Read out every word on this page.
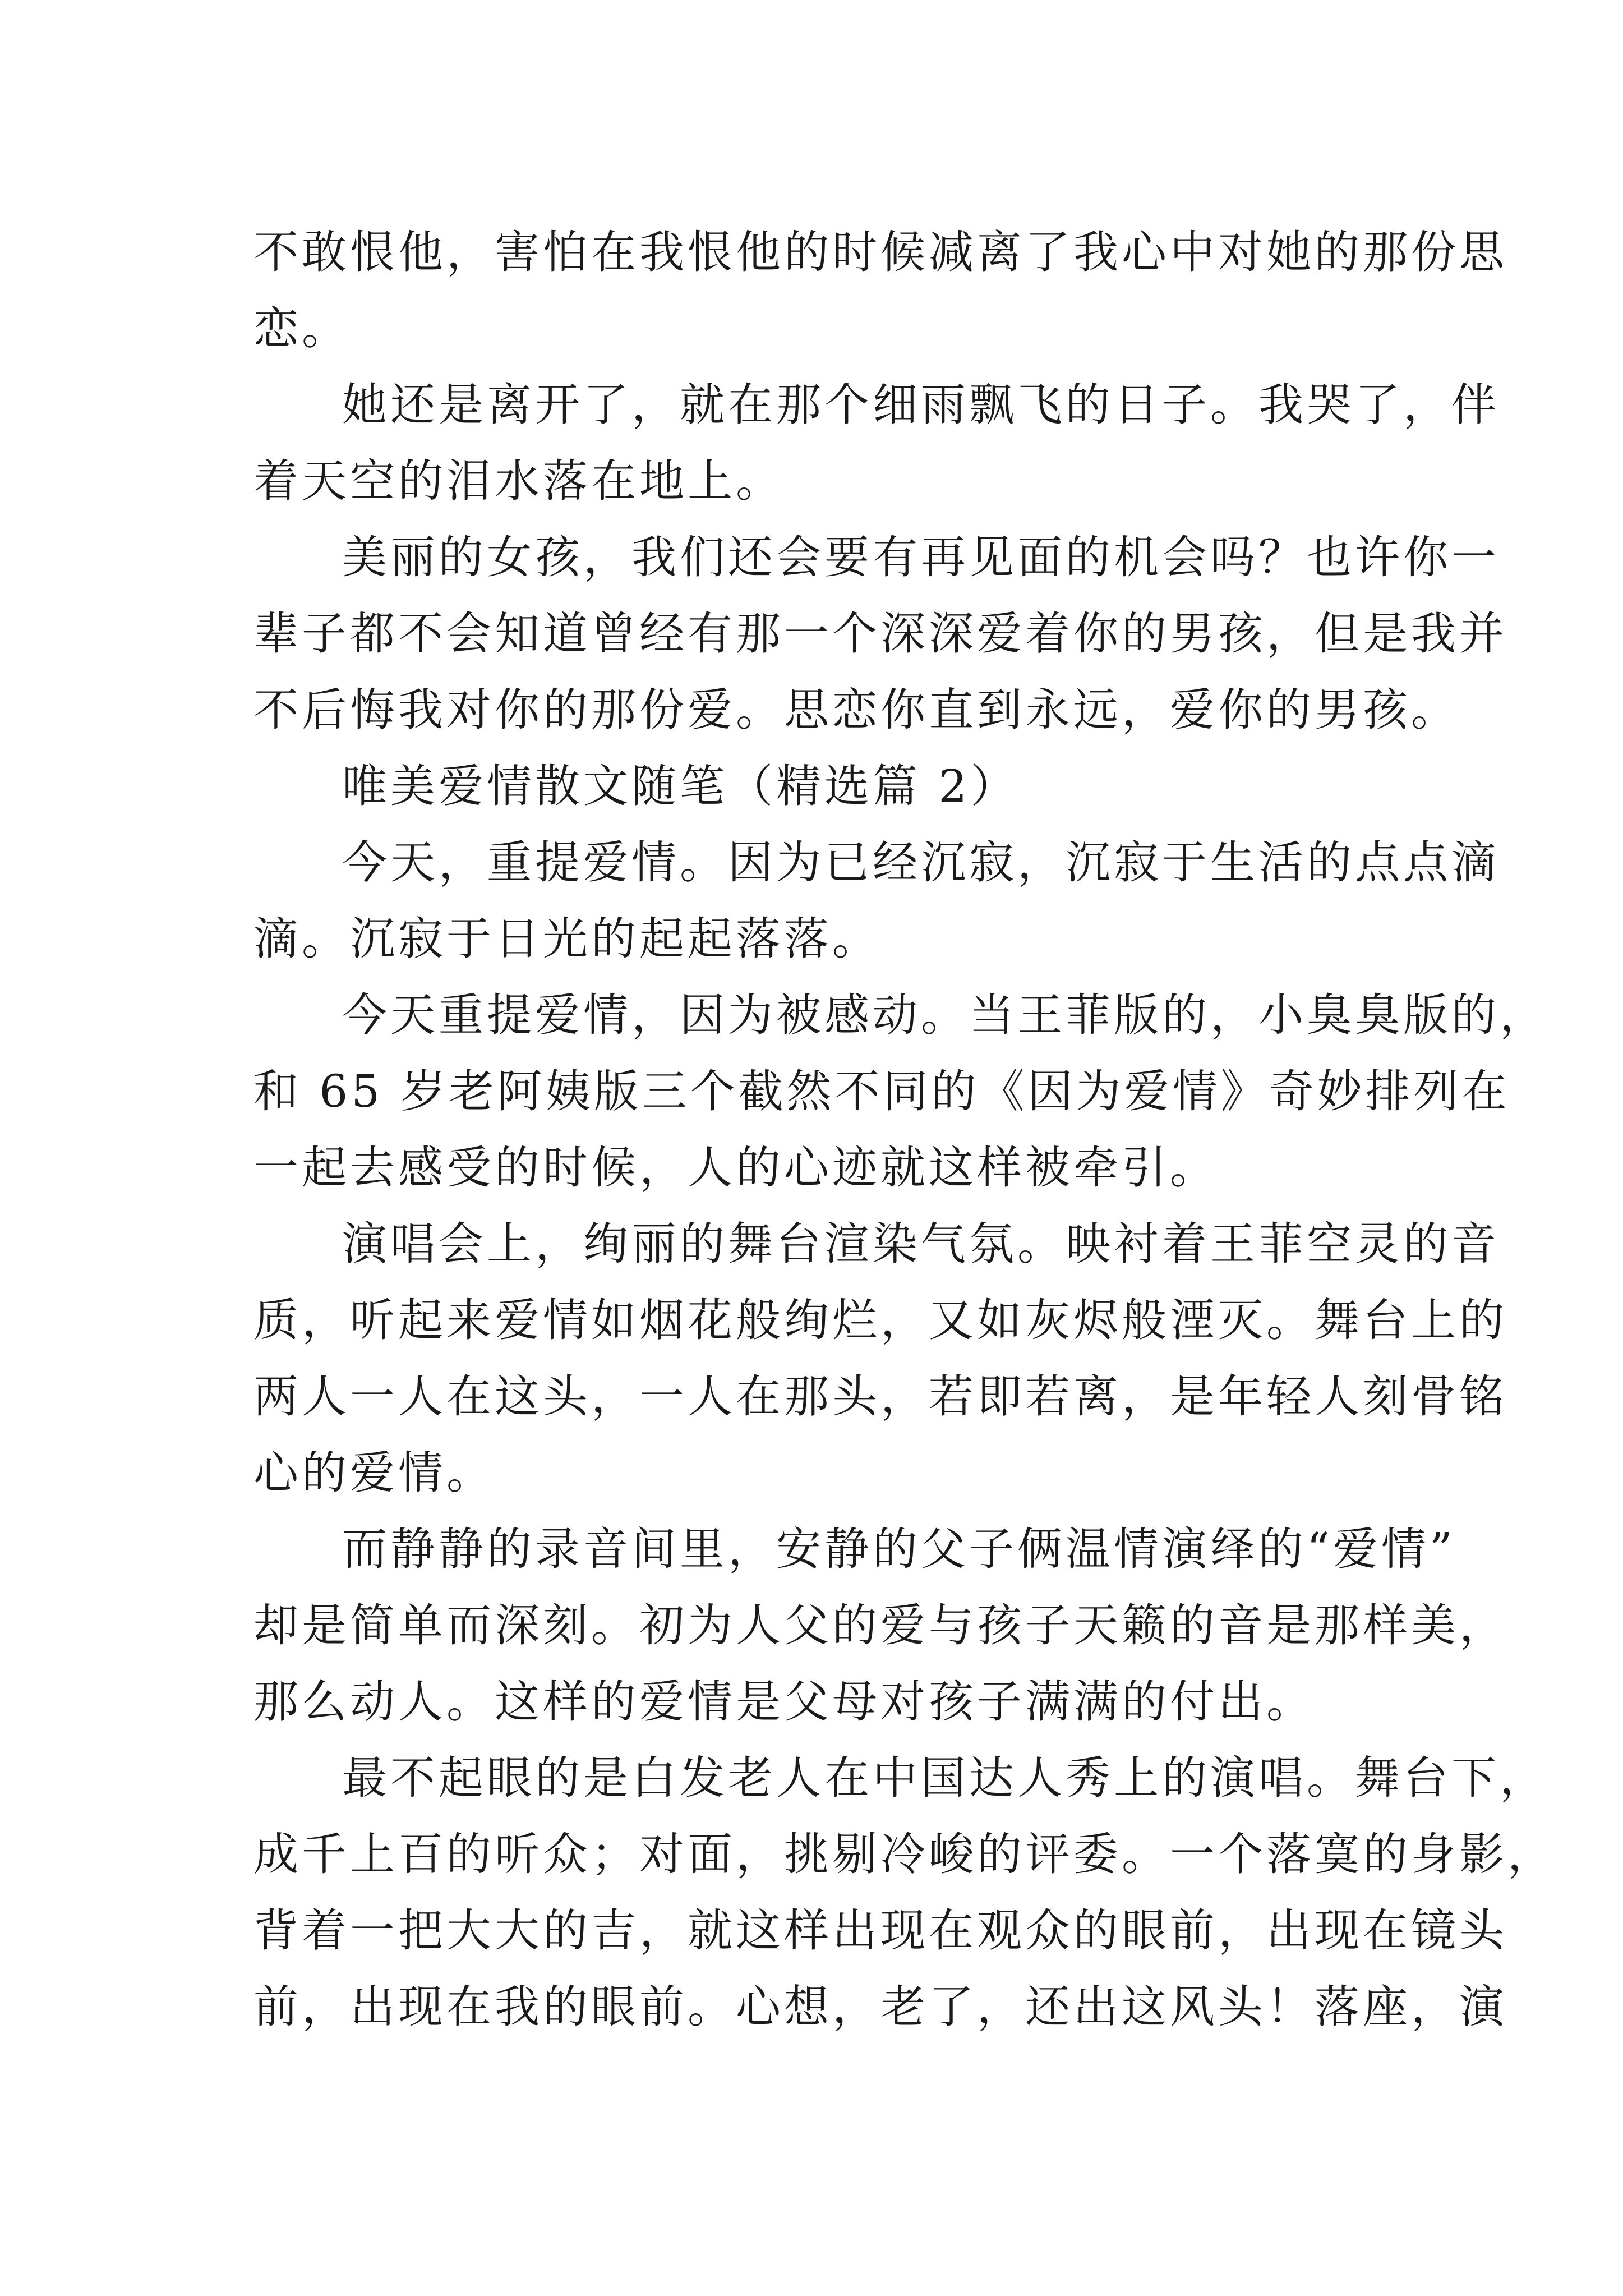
不敢恨他，害怕在我恨他的时候减离了我心中对她的那份思
恋。
她还是离开了，就在那个细雨飘飞的日子。我哭了，伴
着天空的泪水落在地上。
美丽的女孩，我们还会要有再见面的机会吗？也许你一
辈子都不会知道曾经有那一个深深爱着你的男孩，但是我并
不后悔我对你的那份爱。思恋你直到永远，爱你的男孩。
唯美爱情散文随笔（精选篇 2）
今天，重提爱情。因为已经沉寂，沉寂于生活的点点滴
滴。沉寂于日光的起起落落。
今天重提爱情，因为被感动。当王菲版的，小臭臭版的，
和 65 岁老阿姨版三个截然不同的《因为爱情》奇妙排列在
一起去感受的时候，人的心迹就这样被牵引。
演唱会上，绚丽的舞台渲染气氛。映衬着王菲空灵的音
质，听起来爱情如烟花般绚烂，又如灰烬般湮灭。舞台上的
两人一人在这头，一人在那头，若即若离，是年轻人刻骨铭
心的爱情。
而静静的录音间里，安静的父子俩温情演绎的“爱情”
却是简单而深刻。初为人父的爱与孩子天籁的音是那样美，
那么动人。这样的爱情是父母对孩子满满的付出。
最不起眼的是白发老人在中国达人秀上的演唱。舞台下，
成千上百的听众；对面，挑剔冷峻的评委。一个落寞的身影，
背着一把大大的吉，就这样出现在观众的眼前，出现在镜头
前，出现在我的眼前。心想，老了，还出这风头！落座，演
